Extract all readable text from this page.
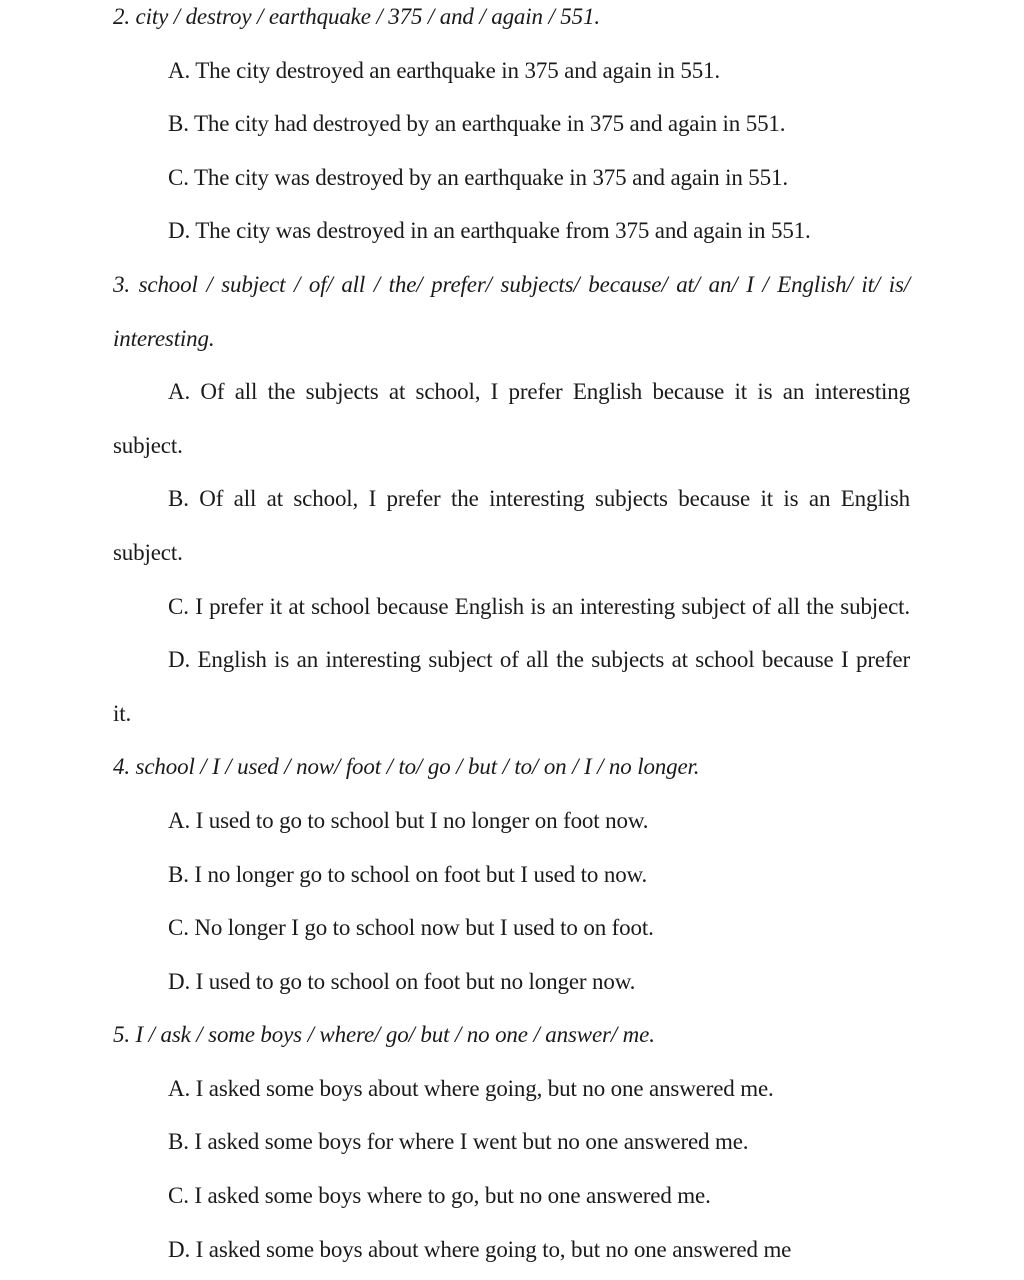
2. city / destroy / earthquake / 375 / and / again / 551.
A. The city destroyed an earthquake in 375 and again in 551.
B. The city had destroyed by an earthquake in 375 and again in 551.
C. The city was destroyed by an earthquake in 375 and again in 551.
D. The city was destroyed in an earthquake from 375 and again in 551.
3. school / subject / of/ all / the/ prefer/ subjects/ because/ at/ an/ I / English/ it/ is/
interesting.
A. Of all the subjects at school, I prefer English because it is an interesting
subject.
B. Of all at school, I prefer the interesting subjects because it is an English
subject.
C. I prefer it at school because English is an interesting subject of all the subject.
D. English is an interesting subject of all the subjects at school because I prefer
it.
4. school / I / used / now/ foot / to/ go / but / to/ on / I / no longer.
A. I used to go to school but I no longer on foot now.
B. I no longer go to school on foot but I used to now.
C. No longer I go to school now but I used to on foot.
D. I used to go to school on foot but no longer now.
5. I / ask / some boys / where/ go/ but / no one / answer/ me.
A. I asked some boys about where going, but no one answered me.
B. I asked some boys for where I went but no one answered me.
C. I asked some boys where to go, but no one answered me.
D. I asked some boys about where going to, but no one answered me
